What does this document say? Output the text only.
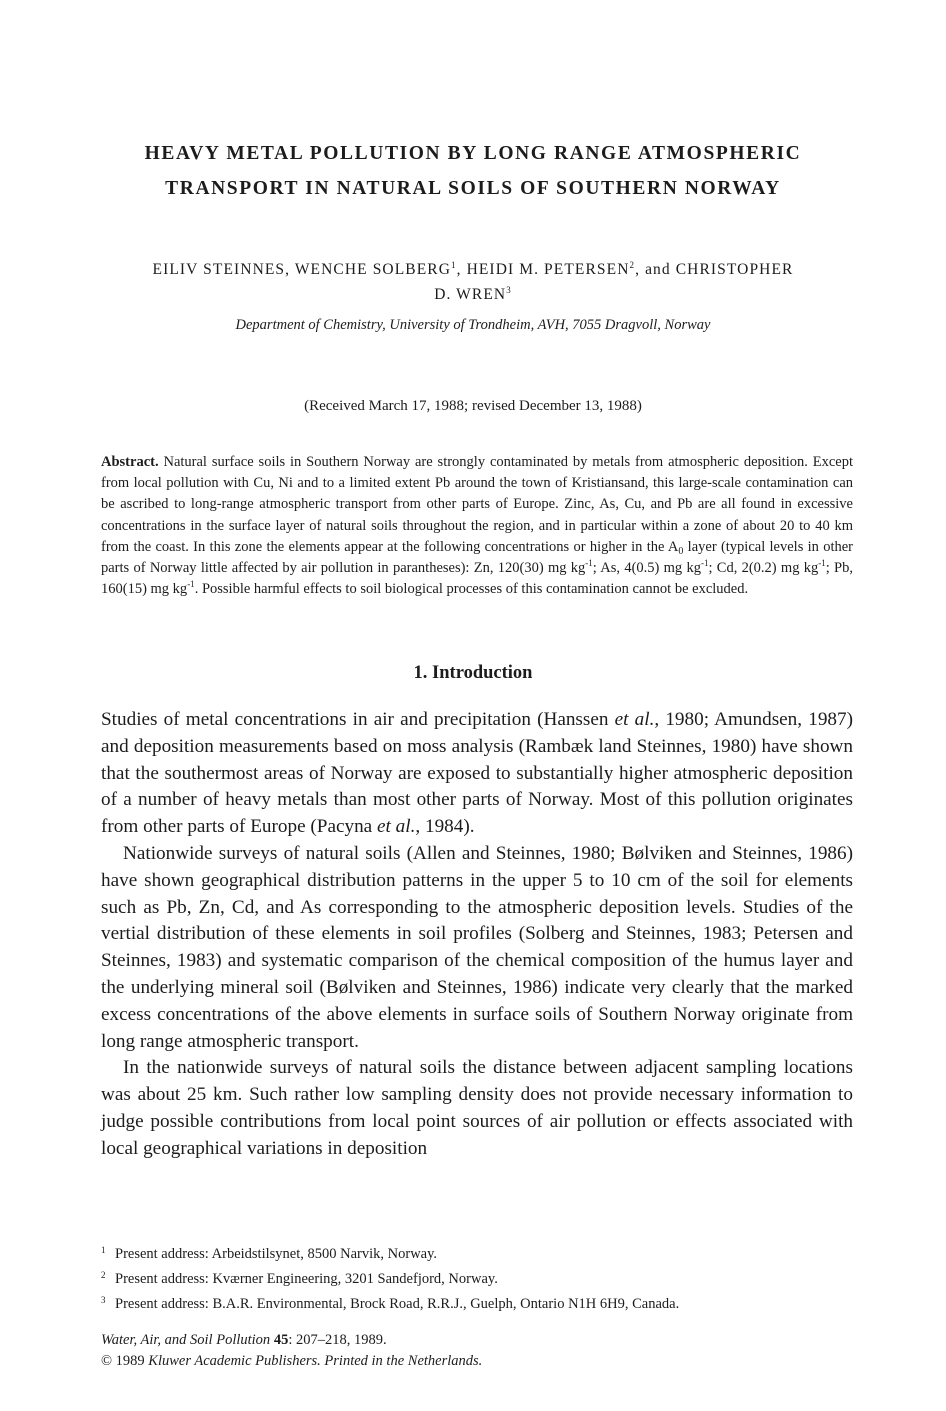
HEAVY METAL POLLUTION BY LONG RANGE ATMOSPHERIC
TRANSPORT IN NATURAL SOILS OF SOUTHERN NORWAY
EILIV STEINNES, WENCHE SOLBERG$^1$, HEIDI M. PETERSEN$^2$, and CHRISTOPHER
D. WREN$^3$
Department of Chemistry, University of Trondheim, AVH, 7055 Dragvoll, Norway
(Received March 17, 1988; revised December 13, 1988)
Abstract. Natural surface soils in Southern Norway are strongly contaminated by metals from atmospheric deposition. Except from local pollution with Cu, Ni and to a limited extent Pb around the town of Kristiansand, this large-scale contamination can be ascribed to long-range atmospheric transport from other parts of Europe. Zinc, As, Cu, and Pb are all found in excessive concentrations in the surface layer of natural soils throughout the region, and in particular within a zone of about 20 to 40 km from the coast. In this zone the elements appear at the following concentrations or higher in the $A_0$ layer (typical levels in other parts of Norway little affected by air pollution in parantheses): Zn, 120(30) mg $kg^{-1}$; As, 4(0.5) mg $kg^{-1}$; Cd, 2(0.2) mg $kg^{-1}$; Pb, 160(15) mg $kg^{-1}$. Possible harmful effects to soil biological processes of this contamination cannot be excluded.
1. Introduction

Studies of metal concentrations in air and precipitation (Hanssen et al., 1980; Amundsen, 1987) and deposition measurements based on moss analysis (Rambæk land Steinnes, 1980) have shown that the southermost areas of Norway are exposed to substantially higher atmospheric deposition of a number of heavy metals than most other parts of Norway. Most of this pollution originates from other parts of Europe (Pacyna et al., 1984).

Nationwide surveys of natural soils (Allen and Steinnes, 1980; Bølviken and Steinnes, 1986) have shown geographical distribution patterns in the upper 5 to 10 cm of the soil for elements such as Pb, Zn, Cd, and As corresponding to the atmospheric deposition levels. Studies of the vertial distribution of these elements in soil profiles (Solberg and Steinnes, 1983; Petersen and Steinnes, 1983) and systematic comparison of the chemical composition of the humus layer and the underlying mineral soil (Bølviken and Steinnes, 1986) indicate very clearly that the marked excess concentrations of the above elements in surface soils of Southern Norway originate from long range atmospheric transport.

In the nationwide surveys of natural soils the distance between adjacent sampling locations was about 25 km. Such rather low sampling density does not provide necessary information to judge possible contributions from local point sources of air pollution or effects associated with local geographical variations in deposition

1 Present address: Arbeidstilsynet, 8500 Narvik, Norway.
2 Present address: Kværner Engineering, 3201 Sandefjord, Norway.
3 Present address: B.A.R. Environmental, Brock Road, R.R.J., Guelph, Ontario N1H 6H9, Canada.
Water, Air, and Soil Pollution 45: 207–218, 1989.
© 1989 Kluwer Academic Publishers. Printed in the Netherlands.
